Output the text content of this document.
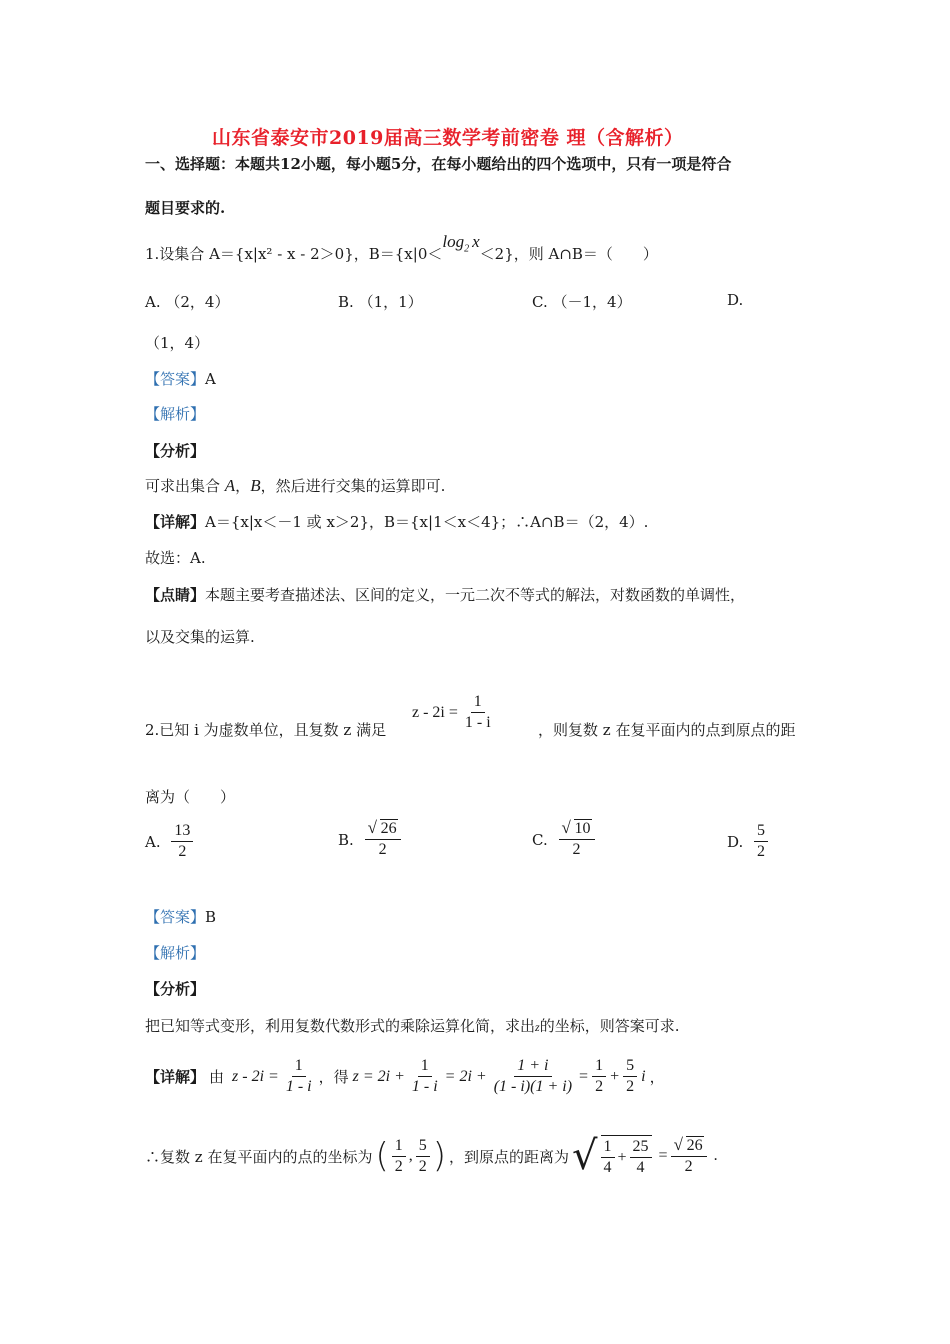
山东省泰安市2019届高三数学考前密卷 理（含解析）
一、选择题：本题共12小题，每小题5分，在每小题给出的四个选项中，只有一项是符合
题目要求的.
1.设集合 A＝{x|x² - x - 2＞0}，$B=\{x|0<\log_2$ x＜2}，则 A∩B＝（　　）
A. （2，4）	B. （1，1）	C. （－1，4）	D.
（1，4）
【答案】A
【解析】
【分析】
可求出集合 A，B，然后进行交集的运算即可.
【详解】A＝{x|x＜－1 或 x＞2}，B＝{x|1＜x＜4}；∴A∩B＝（2，4）.
故选：A.
【点睛】本题主要考查描述法、区间的定义，一元二次不等式的解法，对数函数的单调性，
以及交集的运算.
2.已知 i 为虚数单位，且复数 z 满足
$z - 2i = \frac{1}{1 - i}$	，则复数 z 在复平面内的点到原点的距
离为（　　）
A. $\frac{13}{2}$	B. √ $\frac{26}{2}$	C. √ $\frac{10}{2}$	D. $\frac{5}{2}$
【答案】B
【解析】
【分析】
把已知等式变形，利用复数代数形式的乘除运算化简，求出z的坐标，则答案可求.
【详解】 由 $z - 2i = \frac{1}{1 - i}$ ，得 $z = 2i + \frac{1}{1 - i} = 2i + \frac{1 + i}{(1 - i)(1 + i)} = \frac{1}{2} + \frac{5}{2}$ i ，
∴复数 z 在复平面内的点的坐标为 ( $\frac{1}{2}$ , $\frac{5}{2}$ ) ，到原点的距离为 √ $\frac{1}{4} + \frac{25}{4}$ = √ $\frac{26}{2}$ .
